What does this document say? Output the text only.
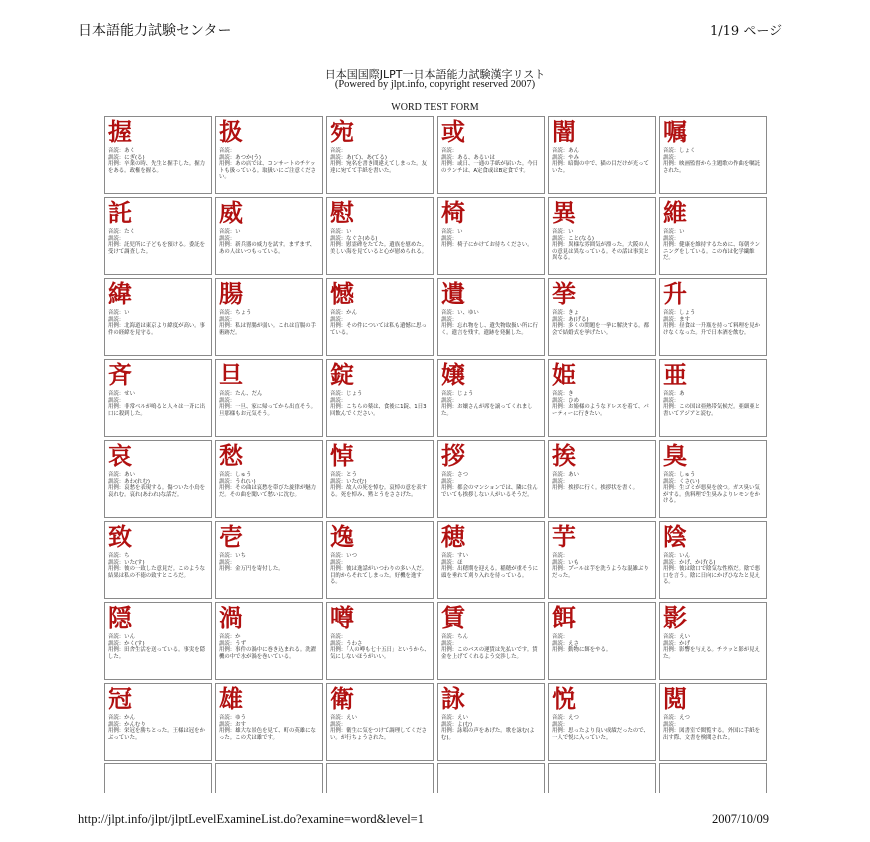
日本語能力試験センター	1/19 ページ
日本国国際JLPT一日本語能力試験漢字リスト
(Powered by jlpt.info, copyright reserved 2007)
WORD TEST FORM
握
音読：あく
訓読：にぎ(る)
用例：卒業の時、先生と握手した。握力をある。政権を握る。
扱
音読：
訓読：あつか(う)
用例：あの店では、コンサートのチケットも扱っている。取扱いにご注意ください。
宛
音読：
訓読：あ(て)、あ(てる)
用例：宛名を書き間違えてしまった。友達に宛てて手紙を書いた。
或
音読：
訓読：ある、あるいは
用例：或日、一通の手紙が届いた。今日のランチは、A定食或はB定食です。
闇
音読：あん
訓読：やみ
用例：暗闇の中で、猫の目だけが光っていた。
嘱
音読：しょく
訓読：
用例：映画監督から主題歌の作曲を嘱託された。
託
音読：たく
訓読：
用例：託児所に子どもを預ける。委託を受けて調査した。
威
音読：い
訓読：
用例：新兵器の威力を試す。まずまず、あの人はいつもっている。
慰
音読：い
訓読：なぐさ(める)
用例：慰霊碑をたてた。遺族を慰めた。美しい海を見ていると心が慰められる。
椅
音読：い
訓読：
用例：椅子にかけてお待ちください。
異
音読：い
訓読：こと(なる)
用例：異様な雰囲気が漂った。大阪の人の意見は異なっている。その話は事実と異なる。
維
音読：い
訓読：
用例：健康を維持するために、毎朝ランニングをしている。この布は化学繊維だ。
緯
音読：い
訓読：
用例：北海道は東京より緯度が高い。事件の経緯を見守る。
腸
音読：ちょう
訓読：
用例：私は胃腸が弱い。これは盲腸の手術跡だ。
憾
音読：かん
訓読：
用例：その件については私も遺憾に思っている。
遺
音読：い、ゆい
訓読：
用例：忘れ物をし、遺失物取扱い所に行く。遺言を残す。遺跡を発掘した。
挙
音読：きょ
訓読：あ(げる)
用例：多くの問題を一挙に解決する。都会で結婚式を挙げたい。
升
音読：しょう
訓読：ます
用例：昼食は一升瓶を持って料理を見かけなくなった。升で日本酒を飲む。
斉
音読：せい
訓読：
用例：非常ベルが鳴ると人々は一斉に出口に殺到した。
旦
音読：たん、だん
訓読：
用例：一旦、家に帰ってから出直そう。旦那様もお元気そう。
錠
音読：じょう
訓読：
用例：こちらの薬は、食後に1錠、1日3回飲んでください。
嬢
音読：じょう
訓読：
用例：お嬢さんが席を譲ってくれました。
姫
音読：き
訓読：ひめ
用例：お姫様のようなドレスを着て、パーティーに行きたい。
亜
音読：あ
訓読：
用例：この国は亜熱帯気候だ。亜細亜と書いてアジアと読む。
哀
音読：あい
訓読：あわ(れむ)
用例：哀愁を表現する。傷ついた小鳥を哀れむ。哀れ(あわれ)な話だ。
愁
音読：しゅう
訓読：うれ(い)
用例：その曲は哀愁を帯びた旋律が魅力だ。その曲を聞いて愁いに沈む。
悼
音読：とう
訓読：いた(む)
用例：故人の死を悼む。哀悼の意を表する。死を悼み、黙とうをささげた。
拶
音読：さつ
訓読：
用例：都会のマンションでは、隣に住んでいても挨拶しない人がいるそうだ。
挨
音読：あい
訓読：
用例：挨拶に行く。挨拶状を書く。
臭
音読：しゅう
訓読：くさ(い)
用例：生ゴミが悪臭を放つ。ガス臭い気がする。魚料理で生臭みよりレモンをかける。
致
音読：ち
訓読：いた(す)
用例：彼の一致した意見だ。このような結果は私の不徳の致すところだ。
壱
音読：いち
訓読：
用例：金万円を寄付した。
逸
音読：いつ
訓読：
用例：彼は逸話がいつわりの多い人だ。目的からそれてしまった。好機を逸する。
穂
音読：すい
訓読：ほ
用例：出穂期を迎える。稲穂が重そうに頭を垂れて刈り入れを待っている。
芋
音読：
訓読：いも
用例：プールは芋を洗うような混雑ぶりだった。
陰
音読：いん
訓読：かげ、かげ(る)
用例：彼は陰口で陰気な性格だ。陰で悪口を言う。陰に日向にかげひなたと見える。
隠
音読：いん
訓読：かく(す)
用例：田舎生活を送っている。事実を隠した。
渦
音読：か
訓読：うず
用例：事件の渦中に巻き込まれる。洗濯機の中で水が渦を巻いている。
噂
音読：
訓読：うわさ
用例：「人の噂も七十五日」というから、気にしないほうがいい。
賃
音読：ちん
訓読：
用例：このバスの運賃は先払いです。賃金を上げてくれるよう交渉した。
餌
音読：
訓読：えさ
用例：動物に餌をやる。
影
音読：えい
訓読：かげ
用例：影響を与える。チラッと影が見えた。
冠
音読：かん
訓読：かんむり
用例：栄冠を勝ちとった。王様は冠をかぶっていた。
雄
音読：ゆう
訓読：おす
用例：雄大な景色を見て、町の英雄になった。この犬は雄です。
衛
音読：えい
訓読：
用例：衛生に気をつけて調理してください。が行ちょうされた。
詠
音読：えい
訓読：よ(む)
用例：詠唱の声をあげた。歌を詠む(よむ)。
悦
音読：えつ
訓読：
用例：思ったより良い成績だったので、一人で悦に入っていた。
閲
音読：えつ
訓読：
用例：図書室で閲覧する。外国に手紙を出す際、文書を検閲された。
http://jlpt.info/jlpt/jlptLevelExamineList.do?examine=word&level=1	2007/10/09
